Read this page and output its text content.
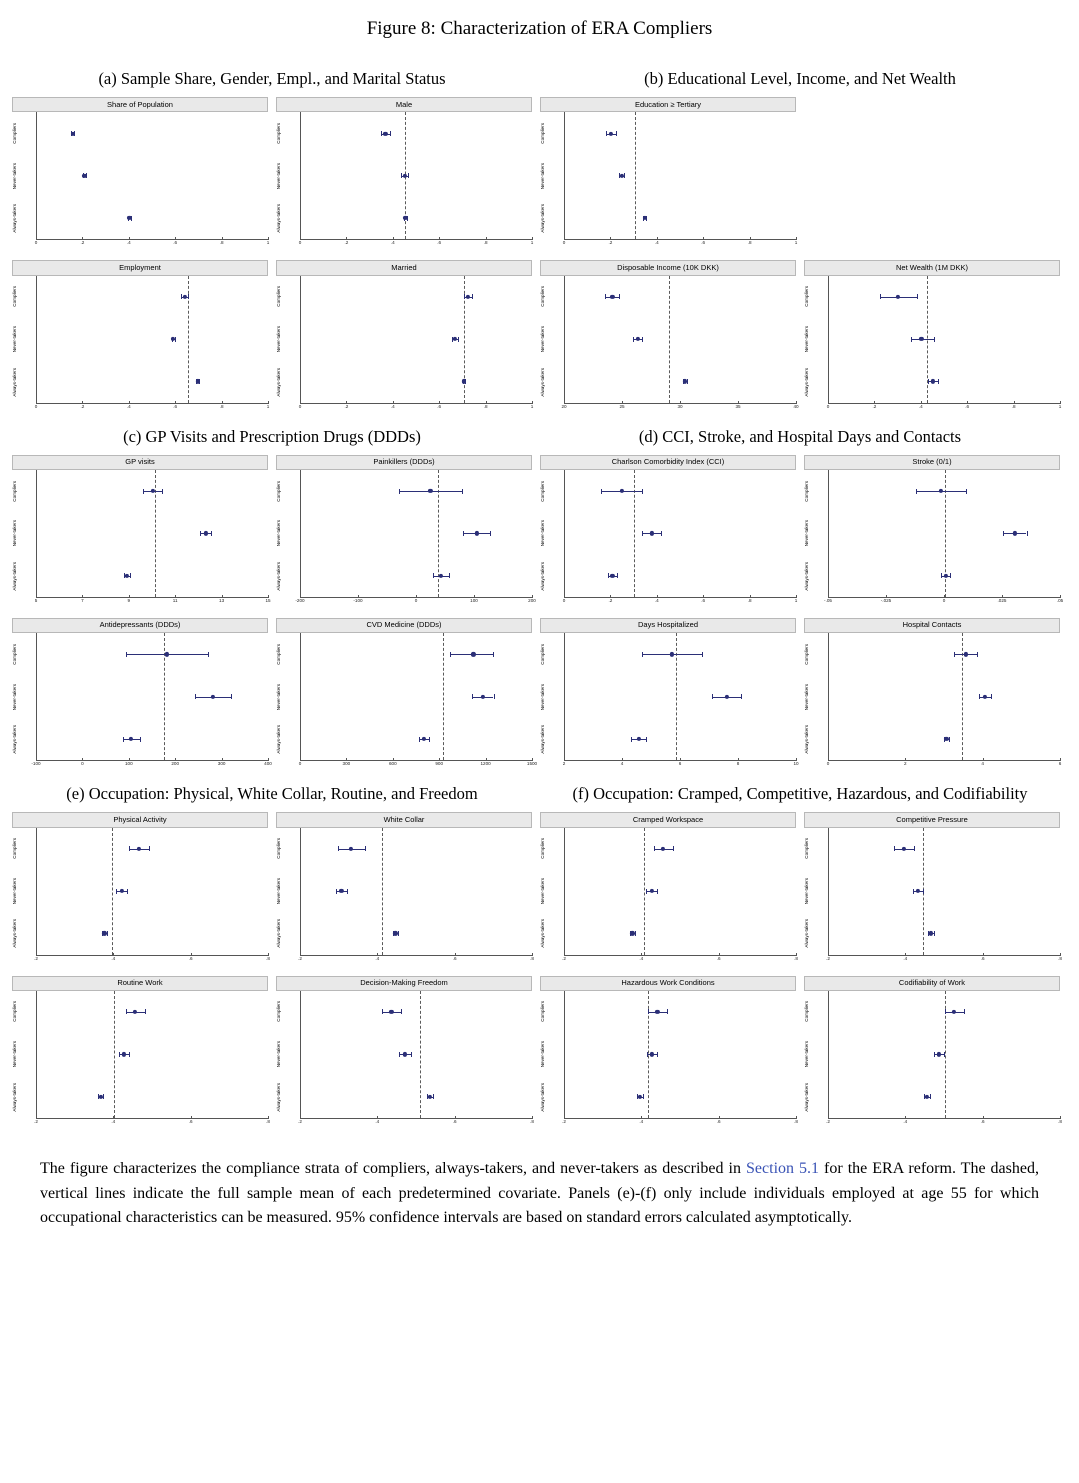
Figure 8: Characterization of ERA Compliers
(a) Sample Share, Gender, Empl., and Marital Status
Share of Population
Compliers
Never-takers
Always-takers
0	.2	.4	.6	.8	1
Male
Compliers
Never-takers
Always-takers
0	.2	.4	.6	.8	1
Employment
Compliers
Never-takers
Always-takers
0	.2	.4	.6	.8	1
Married
Compliers
Never-takers
Always-takers
0	.2	.4	.6	.8	1
(b) Educational Level, Income, and Net Wealth
Education ≥ Tertiary
Compliers
Never-takers
Always-takers
0	.2	.4	.6	.8	1
Disposable Income (10K DKK)
Compliers
Never-takers
Always-takers
20	25	30	35	40
Net Wealth (1M DKK)
Compliers
Never-takers
Always-takers
0	.2	.4	.6	.8	1
(c) GP Visits and Prescription Drugs (DDDs)
GP visits
Compliers
Never-takers
Always-takers
5	7	9	11	13	15
Painkillers (DDDs)
Compliers
Never-takers
Always-takers
-200	-100	0	100	200
Antidepressants (DDDs)
Compliers
Never-takers
Always-takers
-100	0	100	200	300	400
CVD Medicine (DDDs)
Compliers
Never-takers
Always-takers
0	300	600	900	1200	1500
(d) CCI, Stroke, and Hospital Days and Contacts
Charlson Comorbidity Index (CCI)
Compliers
Never-takers
Always-takers
0	.2	.4	.6	.8	1
Stroke (0/1)
Compliers
Never-takers
Always-takers
-.05	-.025	0	.025	.05
Days Hospitalized
Compliers
Never-takers
Always-takers
2	4	6	8	10
Hospital Contacts
Compliers
Never-takers
Always-takers
0	2	4	6
(e) Occupation: Physical, White Collar, Routine, and Freedom
Physical Activity
Compliers
Never-takers
Always-takers
.2	.4	.6	.8
White Collar
Compliers
Never-takers
Always-takers
.2	.4	.6	.8
Routine Work
Compliers
Never-takers
Always-takers
.2	.4	.6	.8
Decision-Making Freedom
Compliers
Never-takers
Always-takers
.2	.4	.6	.8
(f) Occupation: Cramped, Competitive, Hazardous, and Codifiability
Cramped Workspace
Compliers
Never-takers
Always-takers
.2	.4	.6	.8
Competitive Pressure
Compliers
Never-takers
Always-takers
.2	.4	.6	.8
Hazardous Work Conditions
Compliers
Never-takers
Always-takers
.2	.4	.6	.8
Codifiability of Work
Compliers
Never-takers
Always-takers
.2	.4	.6	.8
The figure characterizes the compliance strata of compliers, always-takers, and never-takers as described in Section 5.1 for the ERA reform. The dashed, vertical lines indicate the full sample mean of each predetermined covariate. Panels (e)-(f) only include individuals employed at age 55 for which occupational characteristics can be measured. 95% confidence intervals are based on standard errors calculated asymptotically.
